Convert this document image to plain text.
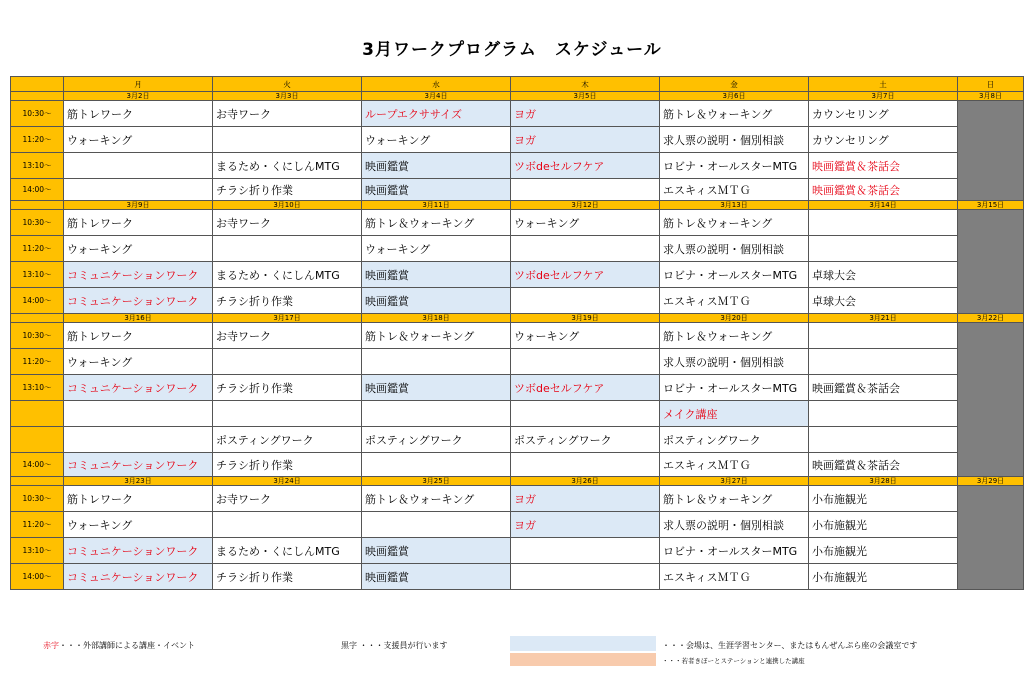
3月ワークプログラム　スケジュール
	月	火	水	木	金	土	日
	3月2日	3月3日	3月4日	3月5日	3月6日	3月7日	3月8日
10:30～	筋トレワーク	お寺ワーク	ループエクササイズ	ヨガ	筋トレ＆ウォーキング	カウンセリング	
11:20～	ウォーキング		ウォーキング	ヨガ	求人票の説明・個別相談	カウンセリング	
13:10～		まるため・くにしんMTG	映画鑑賞	ツボdeセルフケア	ロビナ・オールスターMTG	映画鑑賞＆茶話会	
14:00～		チラシ折り作業	映画鑑賞		エスキィスＭＴＧ	映画鑑賞＆茶話会	
	3月9日	3月10日	3月11日	3月12日	3月13日	3月14日	3月15日
10:30～	筋トレワーク	お寺ワーク	筋トレ＆ウォーキング	ウォーキング	筋トレ＆ウォーキング		
11:20～	ウォーキング		ウォーキング		求人票の説明・個別相談		
13:10～	コミュニケーションワーク	まるため・くにしんMTG	映画鑑賞	ツボdeセルフケア	ロビナ・オールスターMTG	卓球大会	
14:00～	コミュニケーションワーク	チラシ折り作業	映画鑑賞		エスキィスＭＴＧ	卓球大会	
	3月16日	3月17日	3月18日	3月19日	3月20日	3月21日	3月22日
10:30～	筋トレワーク	お寺ワーク	筋トレ＆ウォーキング	ウォーキング	筋トレ＆ウォーキング		
11:20～	ウォーキング				求人票の説明・個別相談		
13:10～	コミュニケーションワーク	チラシ折り作業	映画鑑賞	ツボdeセルフケア	ロビナ・オールスターMTG	映画鑑賞＆茶話会	
					メイク講座		
		ポスティングワーク	ポスティングワーク	ポスティングワーク	ポスティングワーク		
14:00～	コミュニケーションワーク	チラシ折り作業			エスキィスＭＴＧ	映画鑑賞＆茶話会	
	3月23日	3月24日	3月25日	3月26日	3月27日	3月28日	3月29日
10:30～	筋トレワーク	お寺ワーク	筋トレ＆ウォーキング	ヨガ	筋トレ＆ウォーキング	小布施観光	
11:20～	ウォーキング			ヨガ	求人票の説明・個別相談	小布施観光	
13:10～	コミュニケーションワーク	まるため・くにしんMTG	映画鑑賞		ロビナ・オールスターMTG	小布施観光	
14:00～	コミュニケーションワーク	チラシ折り作業	映画鑑賞		エスキィスＭＴＧ	小布施観光	
赤字・・・外部講師による講座・イベント	黒字 ・・・支援員が行います	・・・会場は、生涯学習センター、またはもんぜんぷら座の会議室です
・・・若者きぼーとステーションと連携した講座
